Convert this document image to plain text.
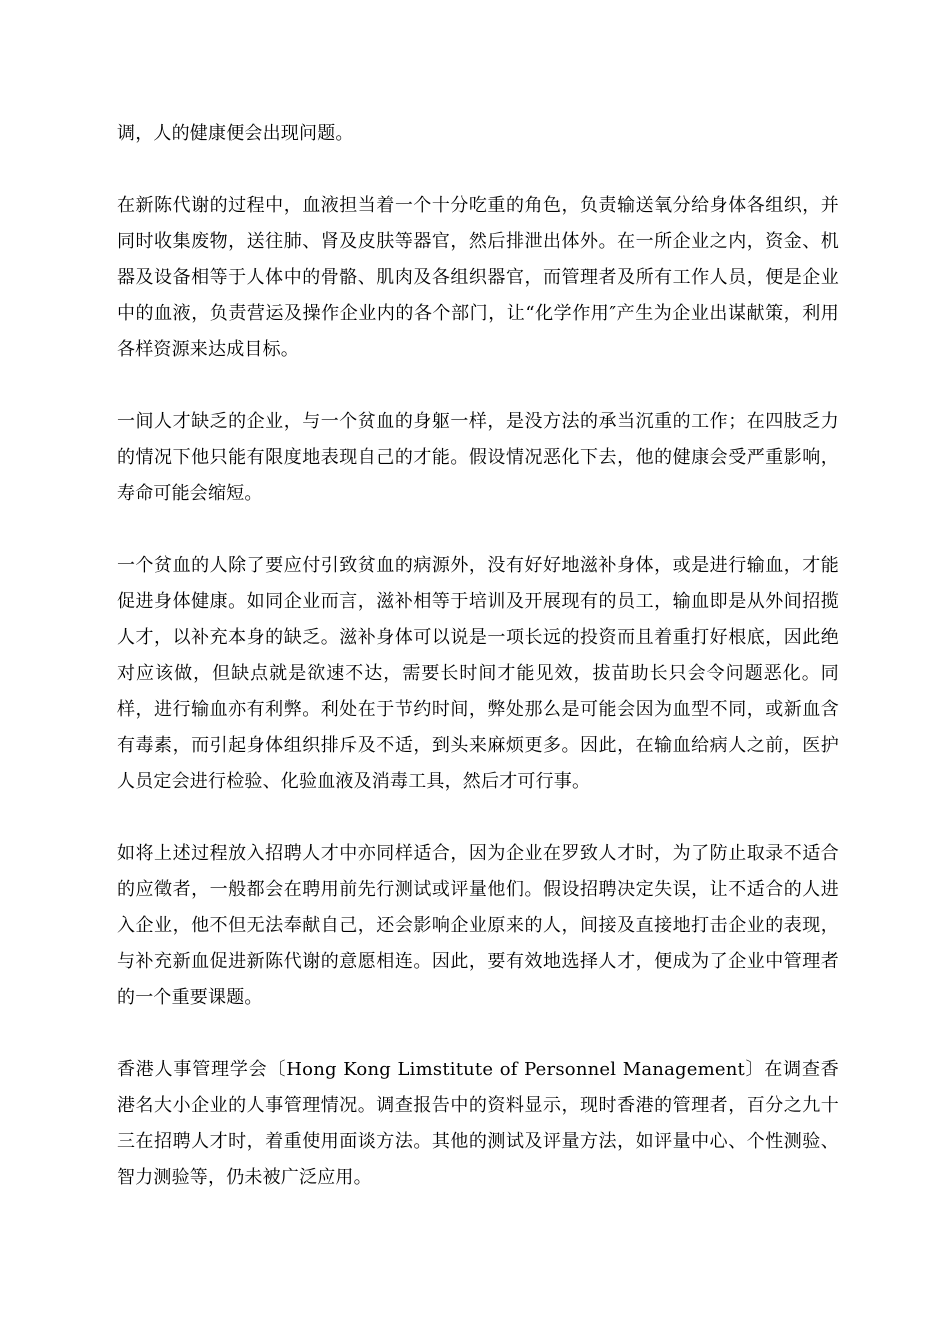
调，人的健康便会出现问题。

在新陈代谢的过程中，血液担当着一个十分吃重的角色，负责输送氧分给身体各组织，并同时收集废物，送往肺、肾及皮肤等器官，然后排泄出体外。在一所企业之内，资金、机器及设备相等于人体中的骨骼、肌肉及各组织器官，而管理者及所有工作人员，便是企业中的血液，负责营运及操作企业内的各个部门，让“化学作用″产生为企业出谋献策，利用各样资源来达成目标。

一间人才缺乏的企业，与一个贫血的身躯一样，是没方法的承当沉重的工作；在四肢乏力的情况下他只能有限度地表现自己的才能。假设情况恶化下去，他的健康会受严重影响，寿命可能会缩短。

一个贫血的人除了要应付引致贫血的病源外，没有好好地滋补身体，或是进行输血，才能促进身体健康。如同企业而言，滋补相等于培训及开展现有的员工，输血即是从外间招揽人才，以补充本身的缺乏。滋补身体可以说是一项长远的投资而且着重打好根底，因此绝对应该做，但缺点就是欲速不达，需要长时间才能见效，拔苗助长只会令问题恶化。同样，进行输血亦有利弊。利处在于节约时间，弊处那么是可能会因为血型不同，或新血含有毒素，而引起身体组织排斥及不适，到头来麻烦更多。因此，在输血给病人之前，医护人员定会进行检验、化验血液及消毒工具，然后才可行事。

如将上述过程放入招聘人才中亦同样适合，因为企业在罗致人才时，为了防止取录不适合的应徵者，一般都会在聘用前先行测试或评量他们。假设招聘决定失误，让不适合的人进入企业，他不但无法奉献自己，还会影响企业原来的人，间接及直接地打击企业的表现，与补充新血促进新陈代谢的意愿相连。因此，要有效地选择人才，便成为了企业中管理者的一个重要课题。

香港人事管理学会〔Hong Kong Limstitute of Personnel Management〕在调查香港名大小企业的人事管理情况。调查报告中的资料显示，现时香港的管理者，百分之九十三在招聘人才时，着重使用面谈方法。其他的测试及评量方法，如评量中心、个性测验、智力测验等，仍未被广泛应用。
